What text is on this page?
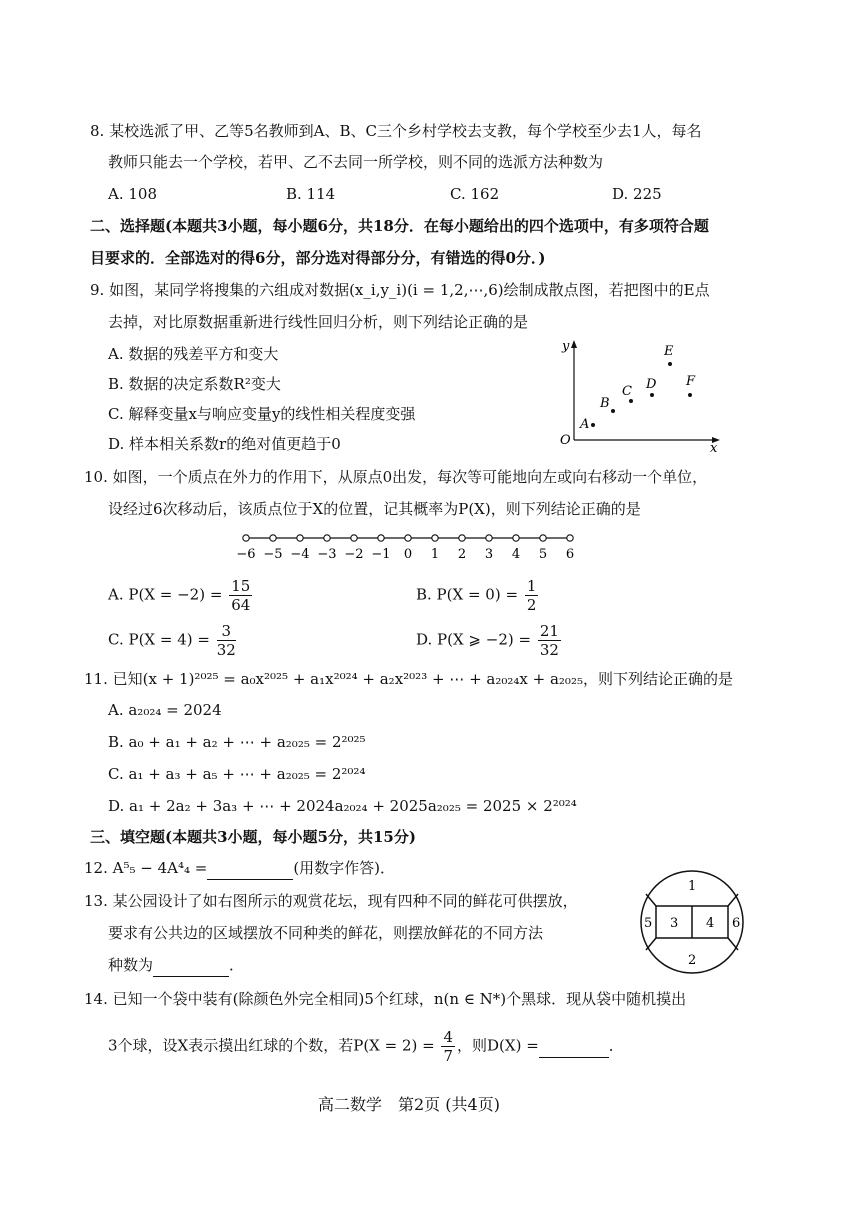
8. 某校选派了甲、乙等5名教师到A、B、C三个乡村学校去支教，每个学校至少去1人，每名
教师只能去一个学校，若甲、乙不去同一所学校，则不同的选派方法种数为
A. 108	B. 114	C. 162	D. 225
二、选择题(本题共3小题，每小题6分，共18分．在每小题给出的四个选项中，有多项符合题
目要求的．全部选对的得6分，部分选对得部分分，有错选的得0分．)
9. 如图，某同学将搜集的六组成对数据(x_i,y_i)(i = 1,2,⋯,6)绘制成散点图，若把图中的E点
去掉，对比原数据重新进行线性回归分析，则下列结论正确的是
A. 数据的残差平方和变大
B. 数据的决定系数R²变大
C. 解释变量x与响应变量y的线性相关程度变强
D. 样本相关系数r的绝对值更趋于0
y
x
O
A
B
C D
E
F
10. 如图，一个质点在外力的作用下，从原点0出发，每次等可能地向左或向右移动一个单位，
设经过6次移动后，该质点位于X的位置，记其概率为P(X)，则下列结论正确的是
−6 −5 −4 −3 −2 −1 0 1 2 3 4 5 6
A. $P(X = -2) = \frac{15}{64}$	B. $P(X = 0) = \frac{1}{2}$
C. $P(X = 4) = \frac{3}{32}$	D. P(X ⩾ $-2) = \frac{21}{32}$
11. 已知(x + 1)²⁰²⁵ = a₀x²⁰²⁵ + a₁x²⁰²⁴ + a₂x²⁰²³ + ⋯ + a₂₀₂₄x + a₂₀₂₅，则下列结论正确的是
A. a₂₀₂₄ = 2024
B. a₀ + a₁ + a₂ + ⋯ + a₂₀₂₅ = 2²⁰²⁵
C. a₁ + a₃ + a₅ + ⋯ + a₂₀₂₅ = 2²⁰²⁴
D. a₁ + 2a₂ + 3a₃ + ⋯ + 2024a₂₀₂₄ + 2025a₂₀₂₅ = 2025 × 2²⁰²⁴
三、填空题(本题共3小题，每小题5分，共15分)
12. A⁵₅ − 4A⁴₄ =	(用数字作答)．
13. 某公园设计了如右图所示的观赏花坛，现有四种不同的鲜花可供摆放，
要求有公共边的区域摆放不同种类的鲜花，则摆放鲜花的不同方法
种数为	．
1
2
3 4
5	6
14. 已知一个袋中装有(除颜色外完全相同)5个红球，n(n ∈ N*)个黑球．现从袋中随机摸出
3个球，设X表示摸出红球的个数，若$P(X = 2) = \frac{4}{7}$ ，则D(X) =	．
高二数学　第2页 (共4页)
